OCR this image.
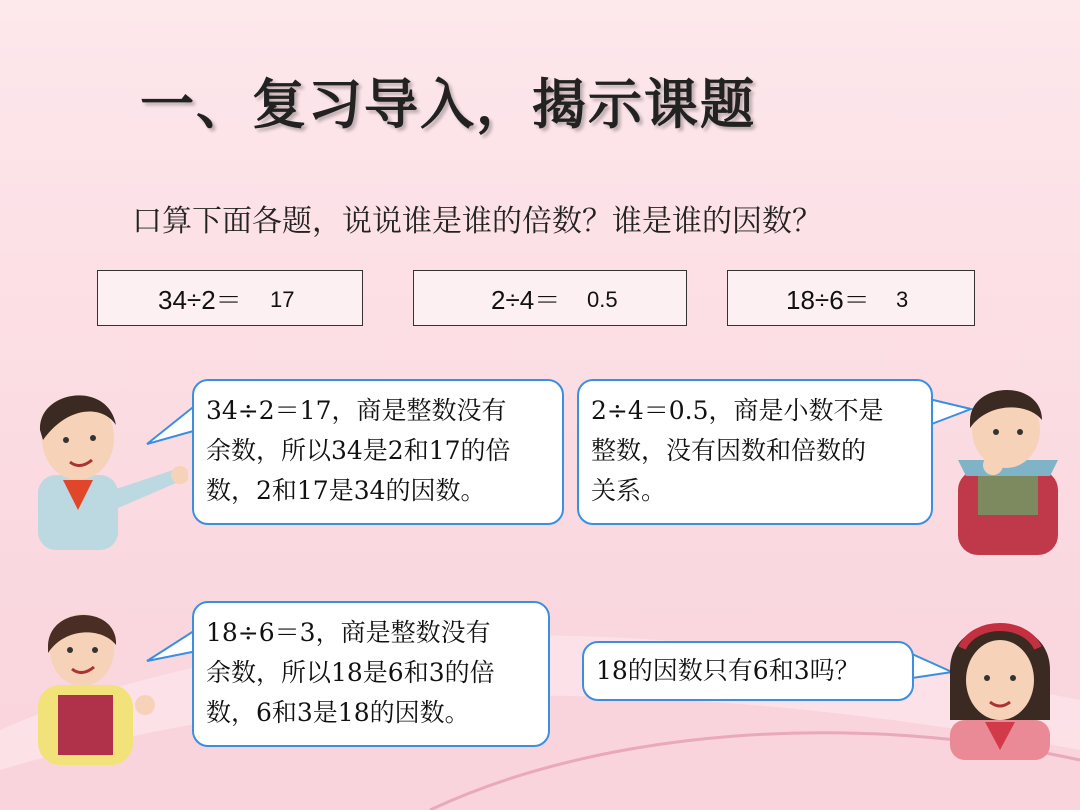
一、复习导入，揭示课题
口算下面各题，说说谁是谁的倍数？谁是谁的因数？
34÷2＝ 17	2÷4＝ 0.5	18÷6＝ 3
34÷2＝17，商是整数没有
余数，所以34是2和17的倍
数，2和17是34的因数。
2÷4＝0.5，商是小数不是
整数，没有因数和倍数的
关系。
18÷6＝3，商是整数没有
余数，所以18是6和3的倍
数，6和3是18的因数。
18的因数只有6和3吗？
